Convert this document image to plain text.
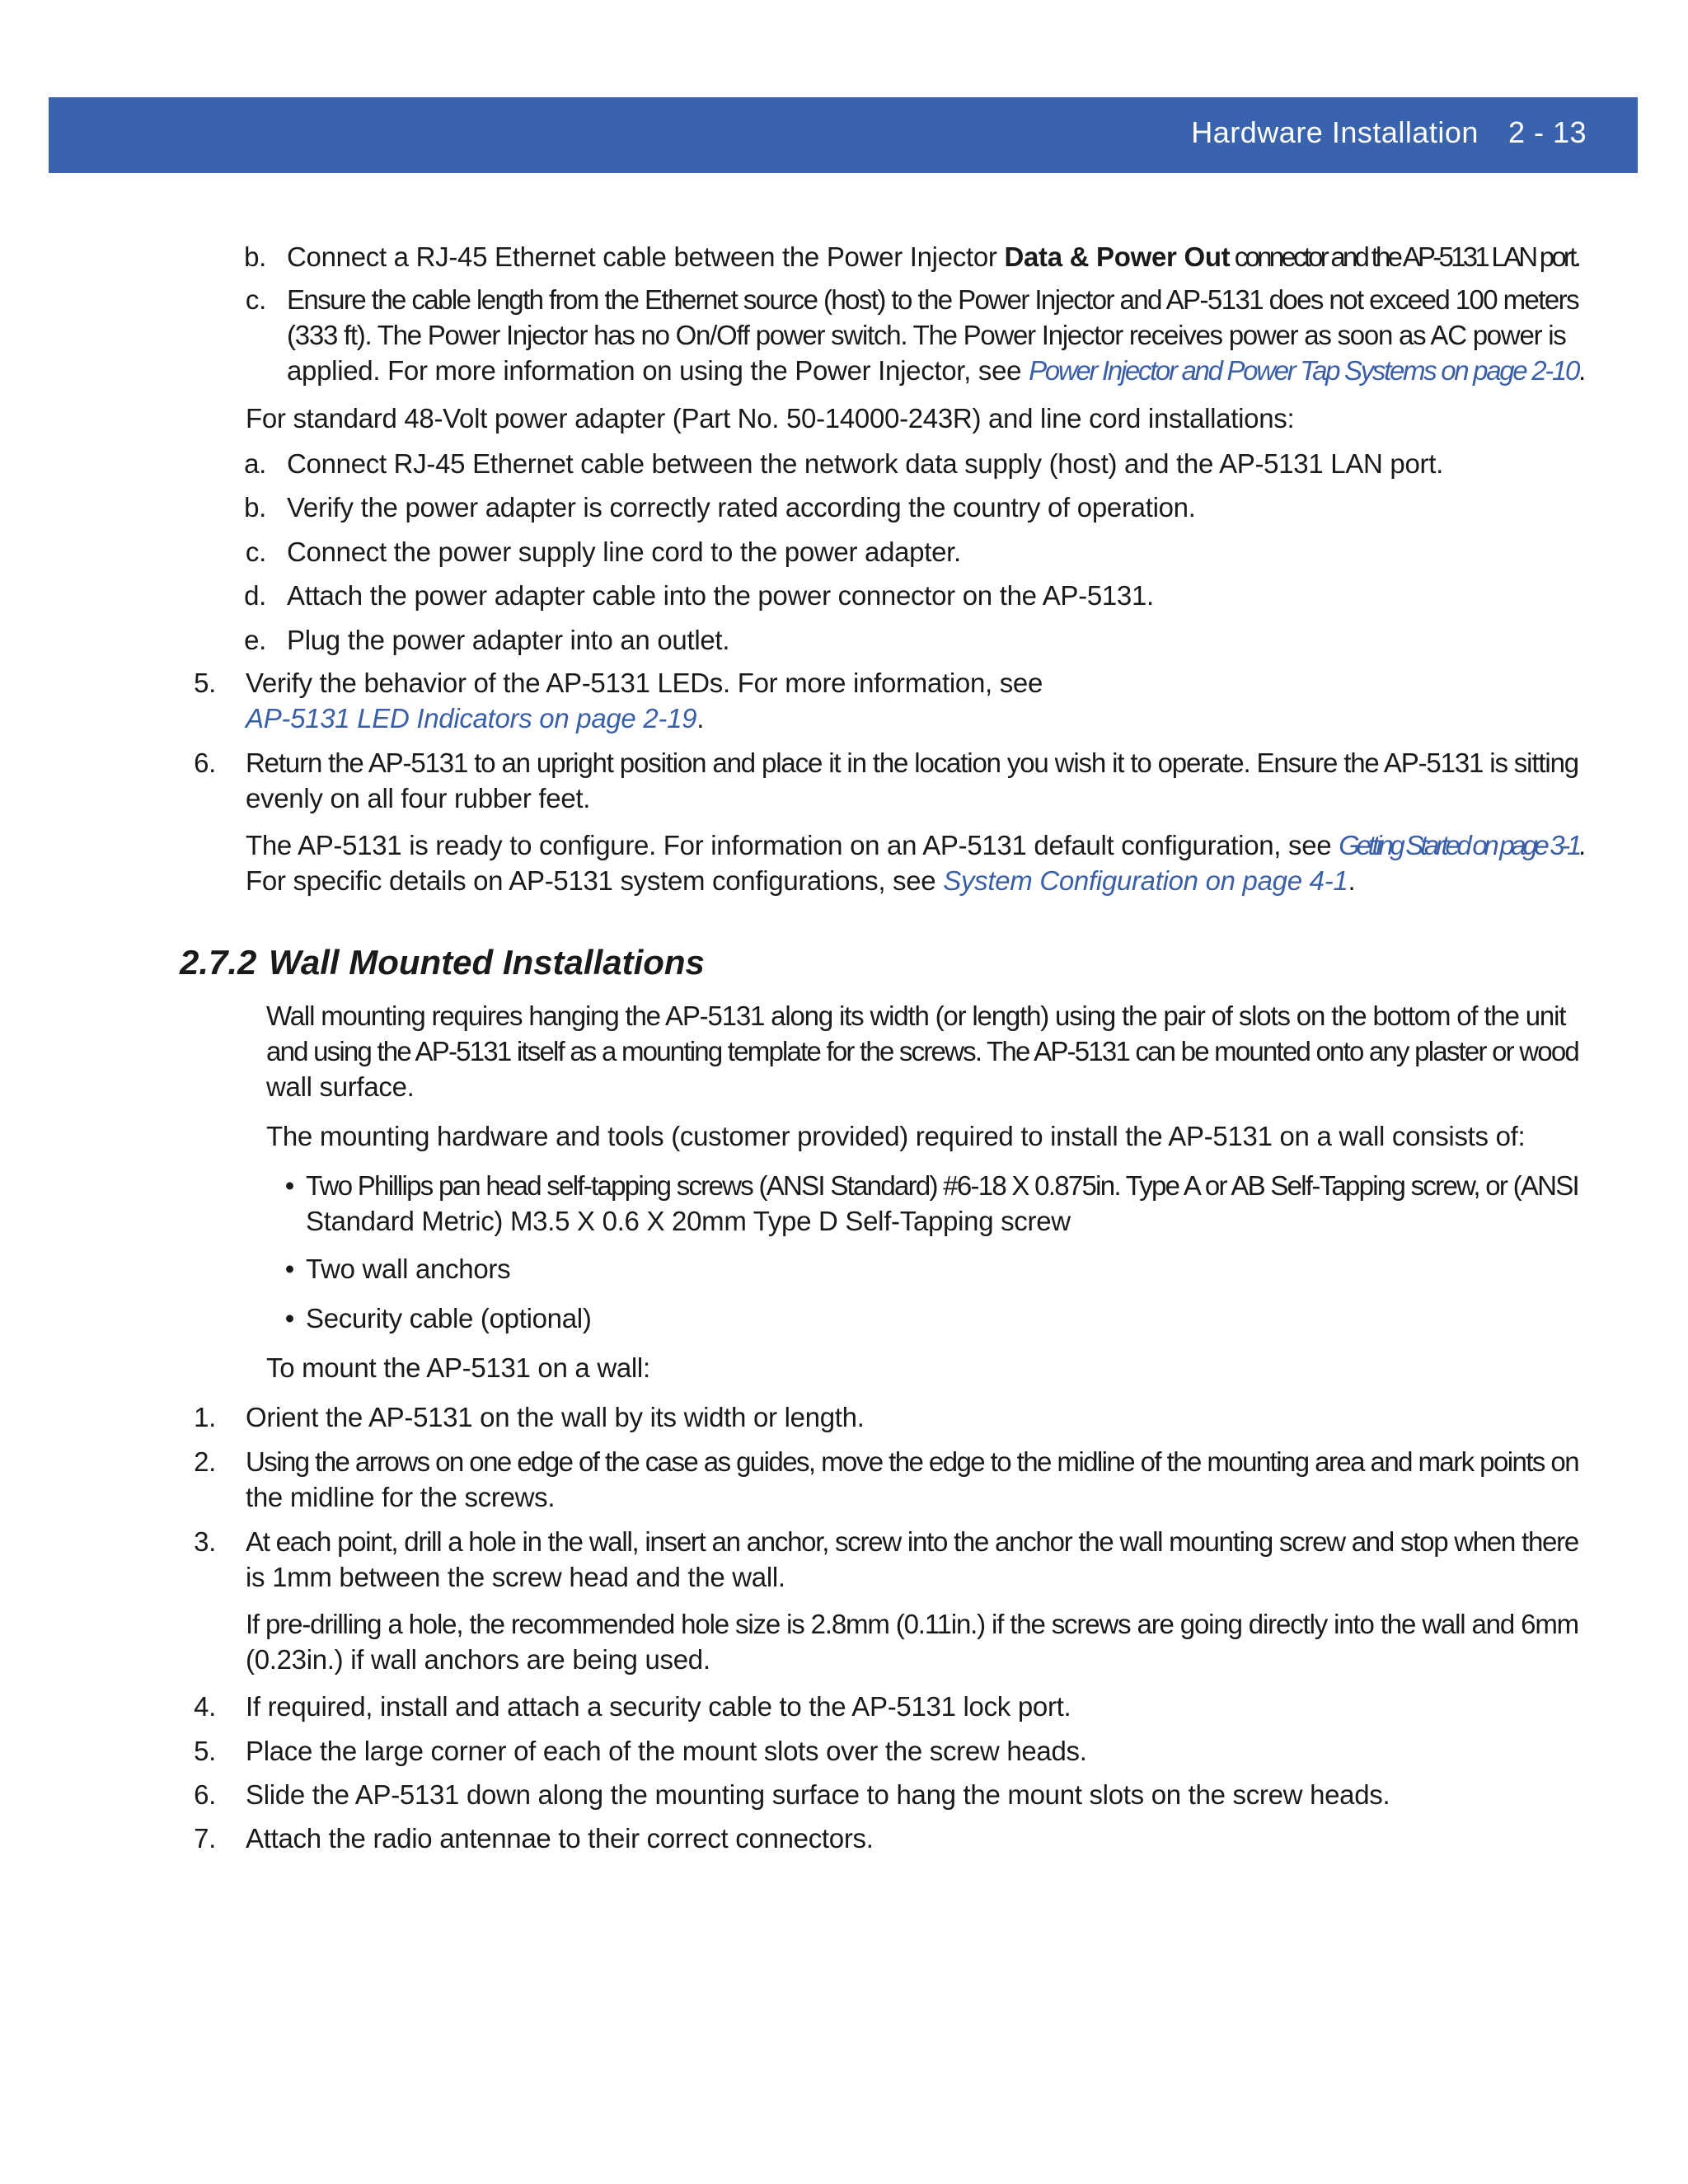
Hardware Installation 2 - 13
b. Connect a RJ-45 Ethernet cable between the Power Injector Data & Power Out connector and the AP-5131 LAN port.
c. Ensure the cable length from the Ethernet source (host) to the Power Injector and AP-5131 does not exceed 100 meters
(333 ft). The Power Injector has no On/Off power switch. The Power Injector receives power as soon as AC power is
applied. For more information on using the Power Injector, see Power Injector and Power Tap Systems on page 2-10
For standard 48-Volt power adapter (Part No. 50-14000-243R) and line cord installations:
a. Connect RJ-45 Ethernet cable between the network data supply (host) and the AP-5131 LAN port.
b. Verify the power adapter is correctly rated according the country of operation.
c. Connect the power supply line cord to the power adapter.
d. Attach the power adapter cable into the power connector on the AP-5131.
e. Plug the power adapter into an outlet.
5. Verify the behavior of the AP-5131 LEDs. For more information, see
AP-5131 LED Indicators on page 2-19.
6. Return the AP-5131 to an upright position and place it in the location you wish it to operate. Ensure the AP-5131 is sitting
evenly on all four rubber feet.
The AP-5131 is ready to configure. For information on an AP-5131 default configuration, see Getting Started on page 3-1
For specific details on AP-5131 system configurations, see System Configuration on page 4-1.
2.7.2 Wall Mounted Installations
Wall mounting requires hanging the AP-5131 along its width (or length) using the pair of slots on the bottom of the unit
and using the AP-5131 itself as a mounting template for the screws. The AP-5131 can be mounted onto any plaster or wood
wall surface.
The mounting hardware and tools (customer provided) required to install the AP-5131 on a wall consists of:
• Two Phillips pan head self-tapping screws (ANSI Standard) #6-18 X 0.875in. Type A or AB Self-Tapping screw, or (ANSI
Standard Metric) M3.5 X 0.6 X 20mm Type D Self-Tapping screw
• Two wall anchors
• Security cable (optional)
To mount the AP-5131 on a wall:
1. Orient the AP-5131 on the wall by its width or length.
2. Using the arrows on one edge of the case as guides, move the edge to the midline of the mounting area and mark points on
the midline for the screws.
3. At each point, drill a hole in the wall, insert an anchor, screw into the anchor the wall mounting screw and stop when there
is 1mm between the screw head and the wall.
If pre-drilling a hole, the recommended hole size is 2.8mm (0.11in.) if the screws are going directly into the wall and 6mm
(0.23in.) if wall anchors are being used.
4. If required, install and attach a security cable to the AP-5131 lock port.
5. Place the large corner of each of the mount slots over the screw heads.
6. Slide the AP-5131 down along the mounting surface to hang the mount slots on the screw heads.
7. Attach the radio antennae to their correct connectors.
